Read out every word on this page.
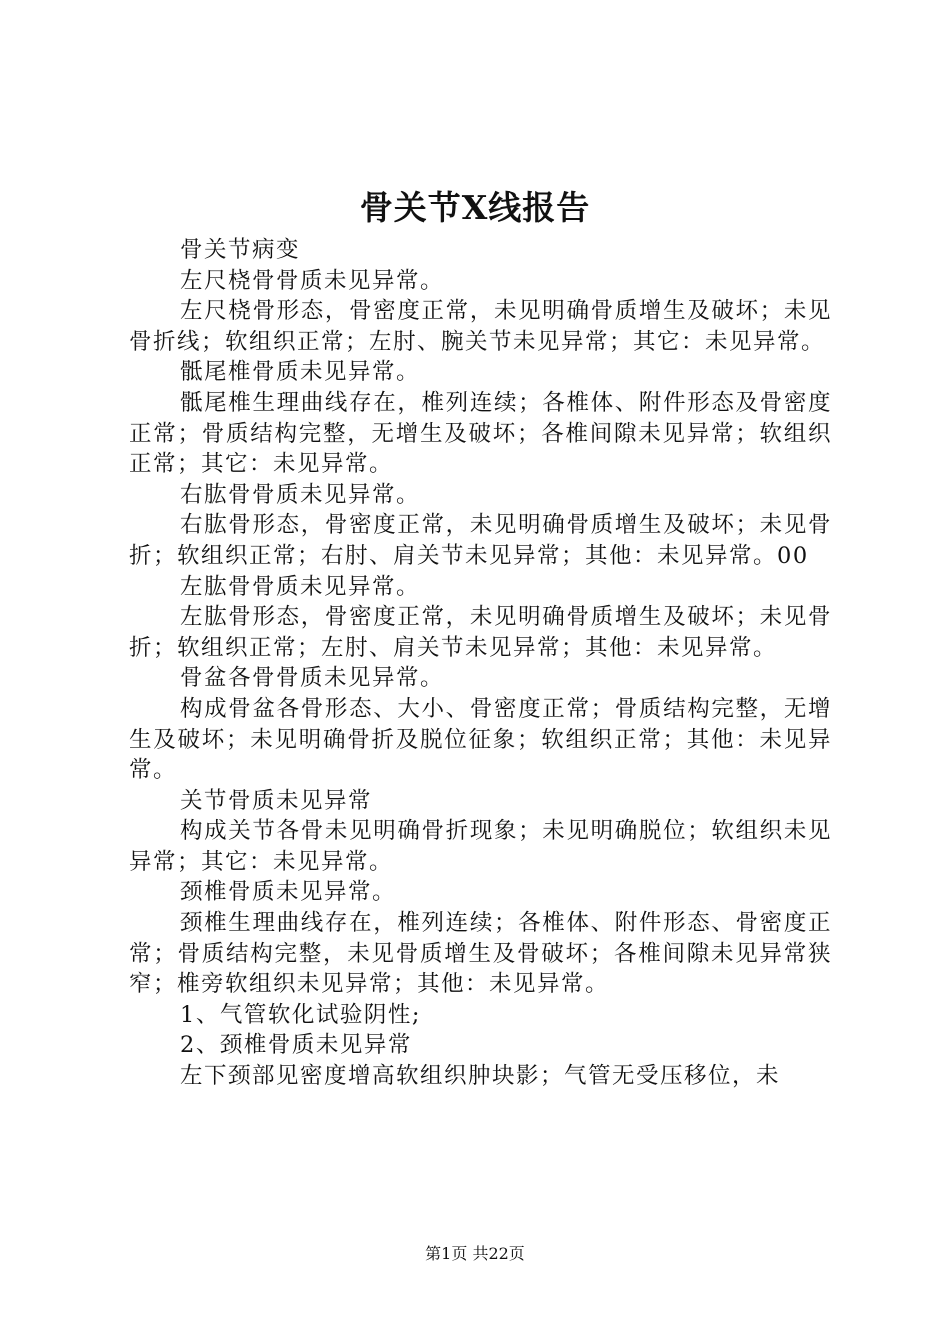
骨关节X线报告

骨关节病变

左尺桡骨骨质未见异常。

左尺桡骨形态，骨密度正常，未见明确骨质增生及破坏；未见骨折线；软组织正常；左肘、腕关节未见异常；其它：未见异常。

骶尾椎骨质未见异常。

骶尾椎生理曲线存在，椎列连续；各椎体、附件形态及骨密度正常；骨质结构完整，无增生及破坏；各椎间隙未见异常；软组织正常；其它：未见异常。

右肱骨骨质未见异常。

右肱骨形态，骨密度正常，未见明确骨质增生及破坏；未见骨折；软组织正常；右肘、肩关节未见异常；其他：未见异常。00

左肱骨骨质未见异常。

左肱骨形态，骨密度正常，未见明确骨质增生及破坏；未见骨折；软组织正常；左肘、肩关节未见异常；其他：未见异常。

骨盆各骨骨质未见异常。

构成骨盆各骨形态、大小、骨密度正常；骨质结构完整，无增生及破坏；未见明确骨折及脱位征象；软组织正常；其他：未见异常。

关节骨质未见异常

构成关节各骨未见明确骨折现象；未见明确脱位；软组织未见异常；其它：未见异常。

颈椎骨质未见异常。

颈椎生理曲线存在，椎列连续；各椎体、附件形态、骨密度正常；骨质结构完整，未见骨质增生及骨破坏；各椎间隙未见异常狭窄；椎旁软组织未见异常；其他：未见异常。

1、气管软化试验阴性;

2、颈椎骨质未见异常

左下颈部见密度增高软组织肿块影；气管无受压移位，未

第1页 共22页
